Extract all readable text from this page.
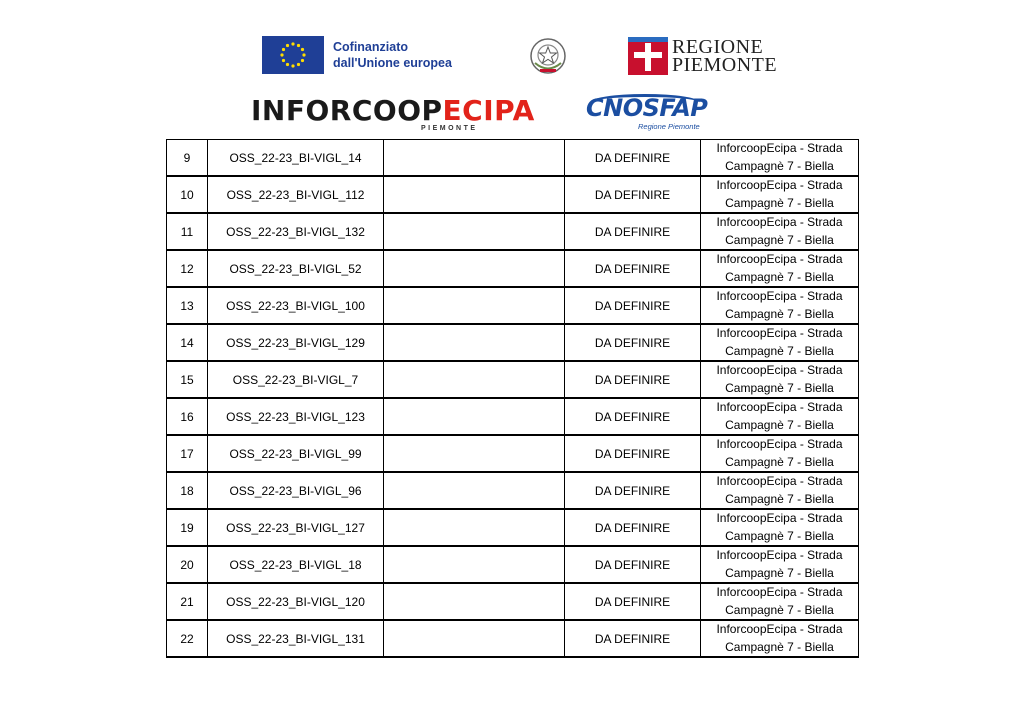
Cofinanziato
dall'Unione europea
REGIONE
PIEMONTE
INFORCOOPECIPA
PIEMONTE
CNOSFAP
Regione Piemonte
9	OSS_22-23_BI-VIGL_14		DA DEFINIRE	InforcoopEcipa - Strada
Campagnè 7 - Biella

10	OSS_22-23_BI-VIGL_112		DA DEFINIRE	InforcoopEcipa - Strada
Campagnè 7 - Biella

11	OSS_22-23_BI-VIGL_132		DA DEFINIRE	InforcoopEcipa - Strada
Campagnè 7 - Biella

12	OSS_22-23_BI-VIGL_52		DA DEFINIRE	InforcoopEcipa - Strada
Campagnè 7 - Biella

13	OSS_22-23_BI-VIGL_100		DA DEFINIRE	InforcoopEcipa - Strada
Campagnè 7 - Biella

14	OSS_22-23_BI-VIGL_129		DA DEFINIRE	InforcoopEcipa - Strada
Campagnè 7 - Biella

15	OSS_22-23_BI-VIGL_7		DA DEFINIRE	InforcoopEcipa - Strada
Campagnè 7 - Biella

16	OSS_22-23_BI-VIGL_123		DA DEFINIRE	InforcoopEcipa - Strada
Campagnè 7 - Biella

17	OSS_22-23_BI-VIGL_99		DA DEFINIRE	InforcoopEcipa - Strada
Campagnè 7 - Biella

18	OSS_22-23_BI-VIGL_96		DA DEFINIRE	InforcoopEcipa - Strada
Campagnè 7 - Biella

19	OSS_22-23_BI-VIGL_127		DA DEFINIRE	InforcoopEcipa - Strada
Campagnè 7 - Biella

20	OSS_22-23_BI-VIGL_18		DA DEFINIRE	InforcoopEcipa - Strada
Campagnè 7 - Biella

21	OSS_22-23_BI-VIGL_120		DA DEFINIRE	InforcoopEcipa - Strada
Campagnè 7 - Biella

22	OSS_22-23_BI-VIGL_131		DA DEFINIRE	InforcoopEcipa - Strada
Campagnè 7 - Biella
